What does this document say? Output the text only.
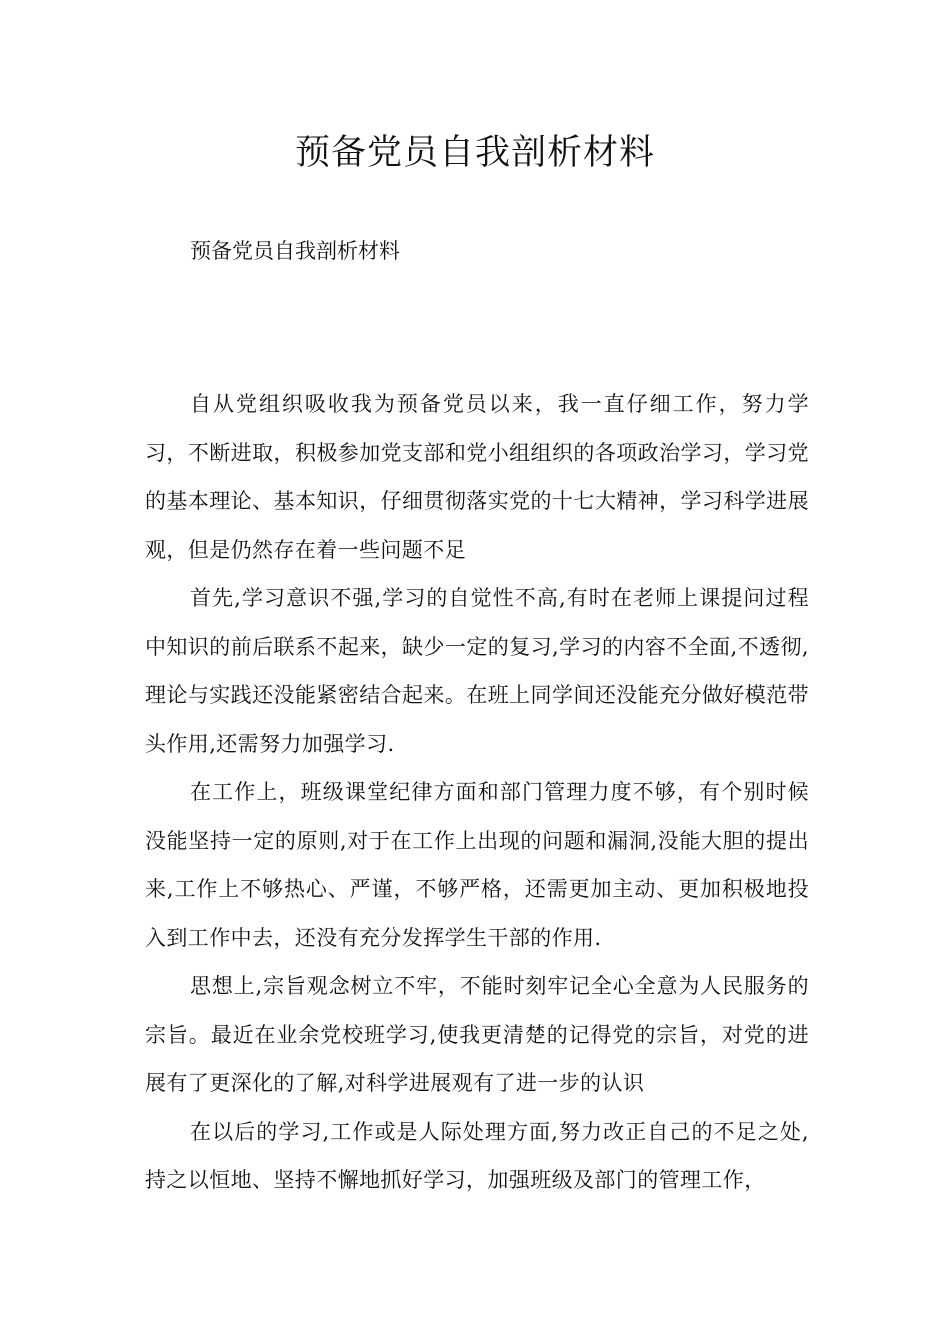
预备党员自我剖析材料

预备党员自我剖析材料

自从党组织吸收我为预备党员以来，我一直仔细工作，努力学习，不断进取，积极参加党支部和党小组组织的各项政治学习，学习党的基本理论、基本知识，仔细贯彻落实党的十七大精神，学习科学进展观，但是仍然存在着一些问题不足

首先,学习意识不强,学习的自觉性不高,有时在老师上课提问过程中知识的前后联系不起来，缺少一定的复习,学习的内容不全面,不透彻,理论与实践还没能紧密结合起来。在班上同学间还没能充分做好模范带头作用,还需努力加强学习.

在工作上，班级课堂纪律方面和部门管理力度不够，有个别时候没能坚持一定的原则,对于在工作上出现的问题和漏洞,没能大胆的提出来,工作上不够热心、严谨，不够严格，还需更加主动、更加积极地投入到工作中去，还没有充分发挥学生干部的作用.

思想上,宗旨观念树立不牢，不能时刻牢记全心全意为人民服务的宗旨。最近在业余党校班学习,使我更清楚的记得党的宗旨，对党的进展有了更深化的了解,对科学进展观有了进一步的认识

在以后的学习,工作或是人际处理方面,努力改正自己的不足之处,持之以恒地、坚持不懈地抓好学习，加强班级及部门的管理工作，
